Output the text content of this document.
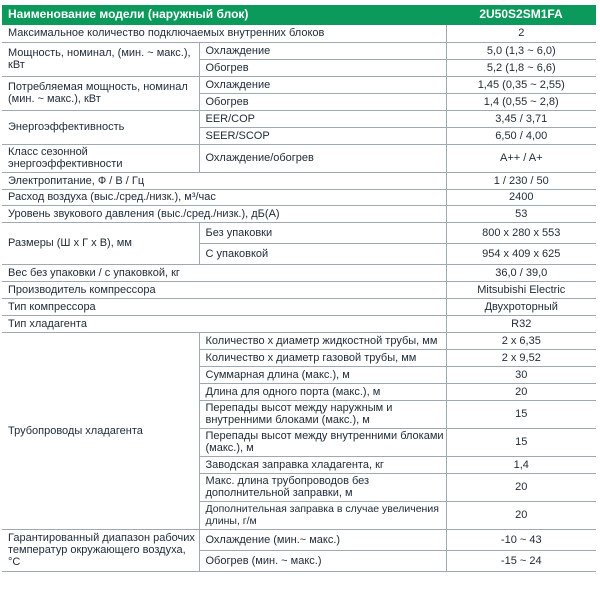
Наименование модели (наружный блок)		2U50S2SM1FA
Максимальное количество подключаемых внутренних блоков		2
Мощность, номинал, (мин. ~ макс.), кВт	Охлаждение	5,0 (1,3 ~ 6,0)
	Обогрев	5,2 (1,8 ~ 6,6)
Потребляемая мощность, номинал (мин. ~ макс.), кВт	Охлаждение	1,45 (0,35 ~ 2,55)
	Обогрев	1,4 (0,55 ~ 2,8)
Энергоэффективность	EER/COP	3,45 / 3,71
	SEER/SCOP	6,50 / 4,00
Класс сезонной энергоэффективности	Охлаждение/обогрев	A++ / A+
Электропитание, Ф / В / Гц		1 / 230 / 50
Расход воздуха (выс./сред./низк.), м³/час		2400
Уровень звукового давления (выс./сред./низк.), дБ(А)		53
Размеры (Ш х Г х В), мм	Без упаковки	800 х 280 х 553
	С упаковкой	954 х 409 х 625
Вес без упаковки / с упаковкой, кг		36,0 / 39,0
Производитель компрессора		Mitsubishi Electric
Тип компрессора		Двухроторный
Тип хладагента		R32
Трубопроводы хладагента	Количество х диаметр жидкостной трубы, мм	2 x 6,35
	Количество х диаметр газовой трубы, мм	2 x 9,52
	Суммарная длина (макс.), м	30
	Длина для одного порта (макс.), м	20
	Перепады высот между наружным и внутренними блоками (макс.), м	15
	Перепады высот между внутренними блоками (макс.), м	15
	Заводская заправка хладагента, кг	1,4
	Макс. длина трубопроводов без дополнительной заправки, м	20
	Дополнительная заправка в случае увеличения длины, г/м	20
Гарантированный диапазон рабочих температур окружающего воздуха, °С	Охлаждение (мин.~ макс.)	-10 ~ 43
	Обогрев (мин. ~ макс.)	-15 ~ 24
